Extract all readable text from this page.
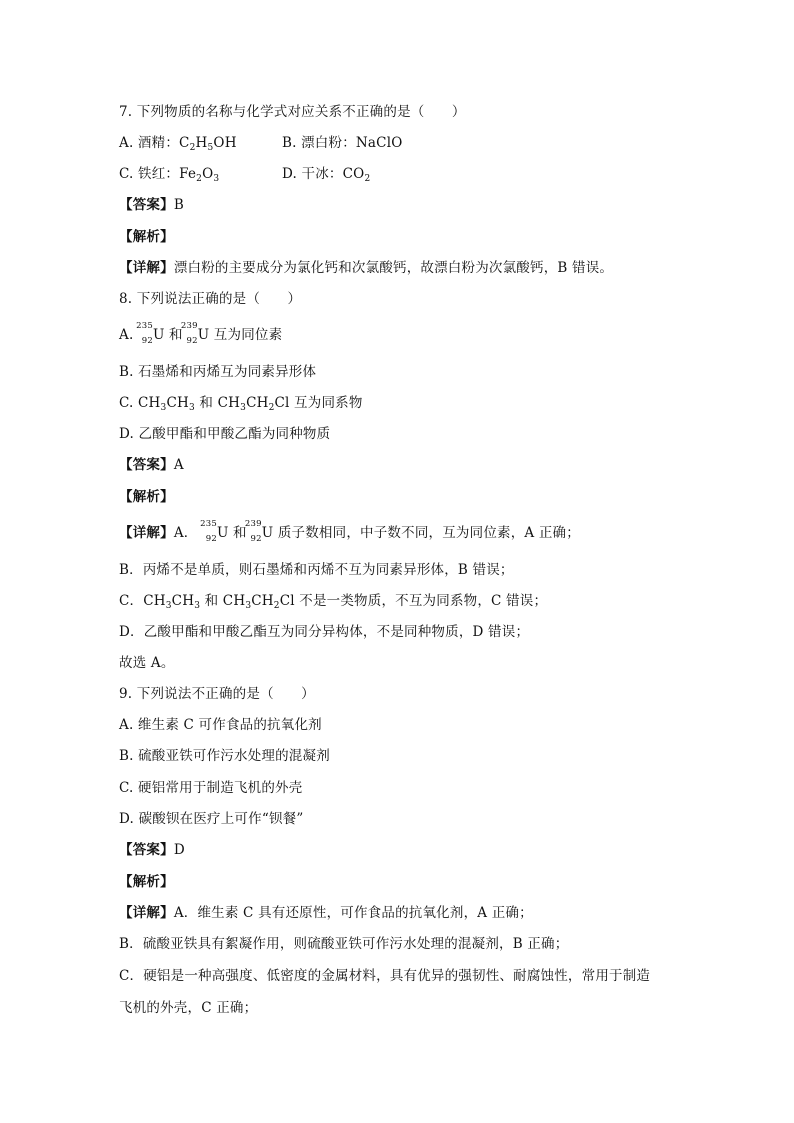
7. 下列物质的名称与化学式对应关系不正确的是（　　）
A. 酒精：$C_2H_5OH$	B. 漂白粉：NaClO
C. 铁红：$Fe_2O_3$	D. 干冰：$CO_2$
【答案】B
【解析】
【详解】漂白粉的主要成分为氯化钙和次氯酸钙，故漂白粉为次氯酸钙，B 错误。
8. 下列说法正确的是（　　）
A.
235
92 U 和
239
92 U 互为同位素
B. 石墨烯和丙烯互为同素异形体
C. $CH_3CH_3$ 和 $CH_3CH_2Cl$ 互为同系物
D. 乙酸甲酯和甲酸乙酯为同种物质
【答案】A
【解析】
【详解】A．
235
92 U 和
239
92 U 质子数相同，中子数不同，互为同位素，A 正确；
B．丙烯不是单质，则石墨烯和丙烯不互为同素异形体，B 错误；
C．$CH_3CH_3$ 和 $CH_3CH_2Cl$ 不是一类物质，不互为同系物，C 错误；
D．乙酸甲酯和甲酸乙酯互为同分异构体，不是同种物质，D 错误；
故选 A。
9. 下列说法不正确的是（　　）
A. 维生素 C 可作食品的抗氧化剂
B. 硫酸亚铁可作污水处理的混凝剂
C. 硬铝常用于制造飞机的外壳
D. 碳酸钡在医疗上可作“钡餐”
【答案】D
【解析】
【详解】A．维生素 C 具有还原性，可作食品的抗氧化剂，A 正确；
B．硫酸亚铁具有絮凝作用，则硫酸亚铁可作污水处理的混凝剂，B 正确；
C．硬铝是一种高强度、低密度的金属材料，具有优异的强韧性、耐腐蚀性，常用于制造
飞机的外壳，C 正确；
